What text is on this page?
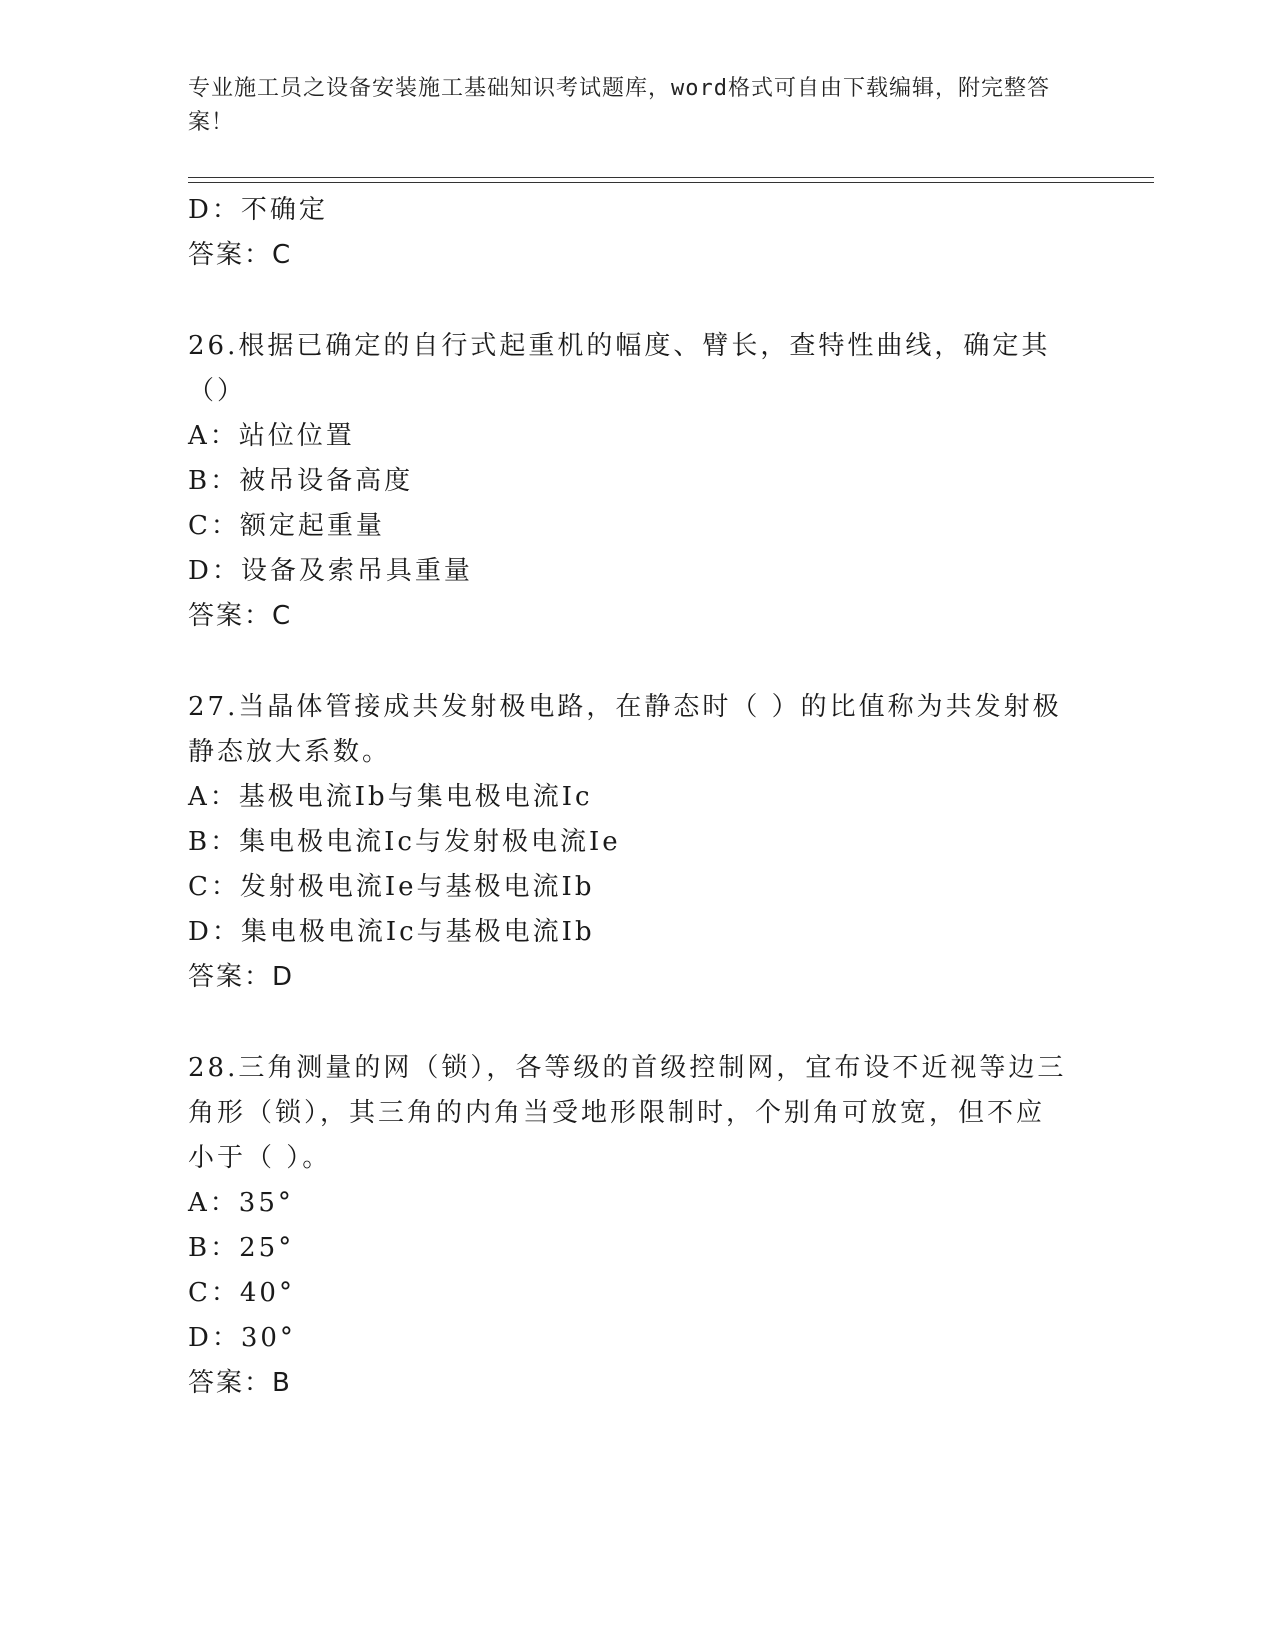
专业施工员之设备安装施工基础知识考试题库，word格式可自由下载编辑，附完整答案！
D：不确定
答案：C
26.根据已确定的自行式起重机的幅度、臂长，查特性曲线，确定其（）
A：站位位置
B：被吊设备高度
C：额定起重量
D：设备及索吊具重量
答案：C
27.当晶体管接成共发射极电路，在静态时（ ）的比值称为共发射极静态放大系数。
A：基极电流Ib与集电极电流Ic
B：集电极电流Ic与发射极电流Ie
C：发射极电流Ie与基极电流Ib
D：集电极电流Ic与基极电流Ib
答案：D
28.三角测量的网（锁），各等级的首级控制网，宜布设不近视等边三角形（锁），其三角的内角当受地形限制时，个别角可放宽，但不应小于（ ）。
A：35°
B：25°
C：40°
D：30°
答案：B
